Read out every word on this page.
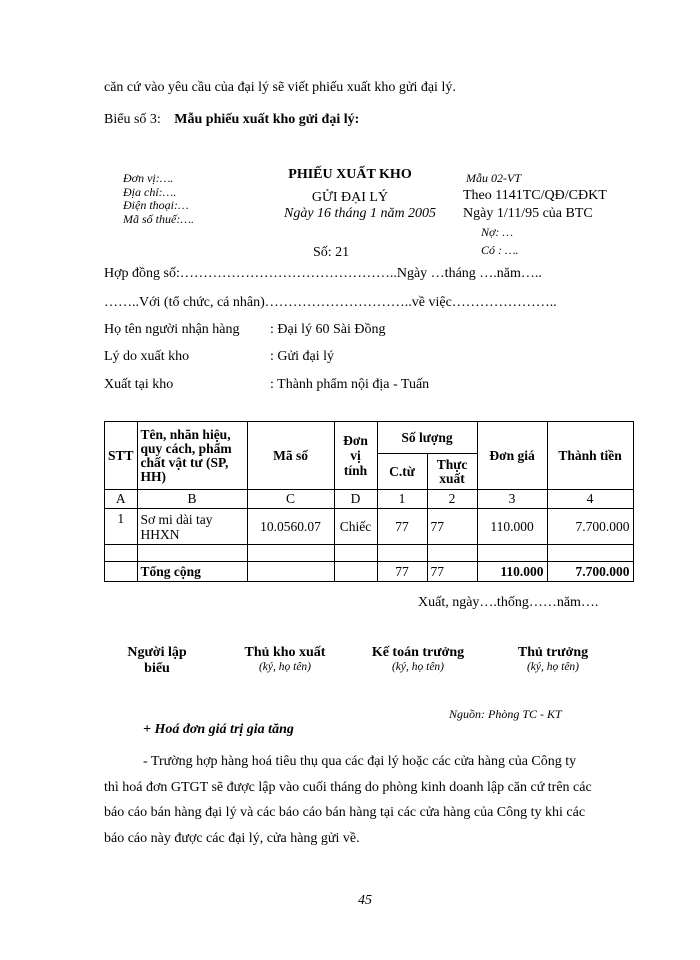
căn cứ vào yêu cầu của đại lý sẽ viết phiếu xuất kho gửi đại lý.
Biểu số 3: Mẫu phiếu xuất kho gửi đại lý:
Đơn vị:….
Địa chỉ:….
Điện thoại:…
Mã số thuế:….
PHIẾU XUẤT KHO
GỬI ĐẠI LÝ
Ngày 16 tháng 1 năm 2005
Số: 21
Mẫu 02-VT
Theo 1141TC/QĐ/CĐKT
Ngày 1/11/95 của BTC
Nợ: …
Có : ….
Hợp đồng số:………………………………………..Ngày …tháng ….năm…..
……..Với (tổ chức, cá nhân)…………………………..về việc…………………..
Họ tên người nhận hàng : Đại lý 60 Sài Đồng
Lý do xuất kho	: Gửi đại lý
Xuất tại kho	: Thành phẩm nội địa - Tuấn
STT	Tên, nhãn hiệu, quy cách, phẩm chất vật tư (SP, HH)	Mã số	Đơn vị tính	Số lượng		Đơn giá	Thành tiền
				C.từ	Thực xuất		
A	B	C	D	1	2	3	4
1	Sơ mi dài tay HHXN	10.0560.07	Chiếc	77	77	110.000	7.700.000

	Tổng cộng			77	77	110.000	7.700.000
Xuất, ngày….thống……năm….
Người lập biểu
Thủ kho xuất
(ký, họ tên)
Kế toán trưởng
(ký, họ tên)
Thủ trưởng
(ký, họ tên)
Nguồn: Phòng TC - KT
+ Hoá đơn giá trị gia tăng
- Trường hợp hàng hoá tiêu thụ qua các đại lý hoặc các cửa hàng của Công ty
thì hoá đơn GTGT sẽ được lập vào cuối tháng do phòng kinh doanh lập căn cứ trên các
báo cáo bán hàng đại lý và các báo cáo bán hàng tại các cửa hàng của Công ty khi các
báo cáo này được các đại lý, cửa hàng gửi về.
45
